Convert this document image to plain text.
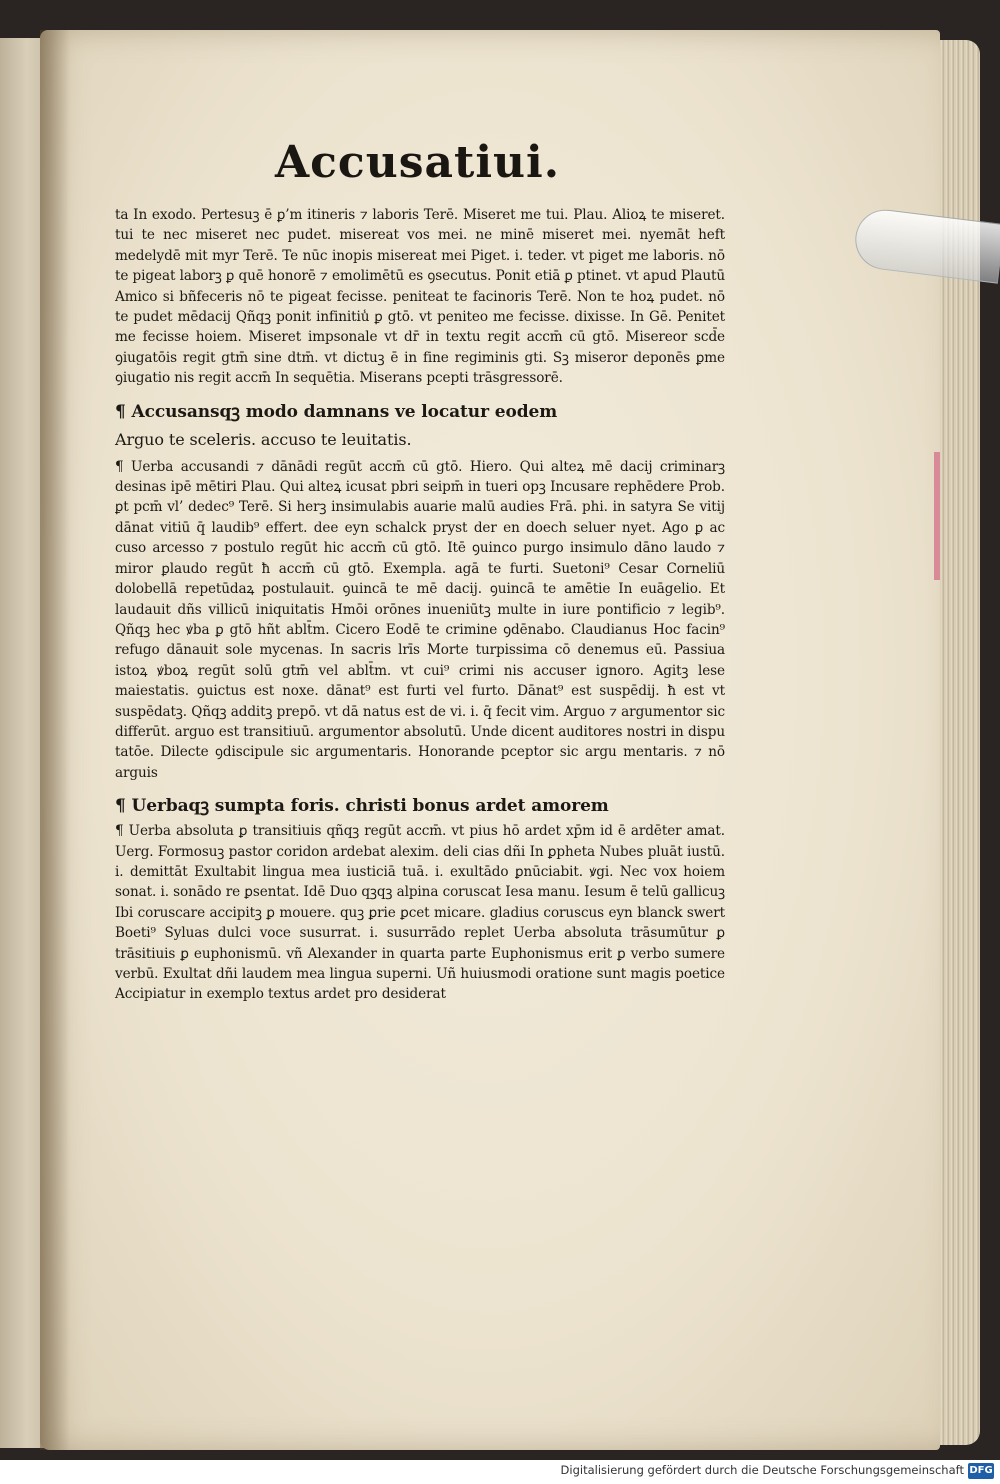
Accusatiui.

ta In exodo. Pertesuꝫ ē ꝑ’m itineris ⁊ laboris Terē. Miseret me tui. Plau. Alioꝝ te miseret. tui te nec miseret nec pudet. misereat vos mei. ne minē miseret mei. nyemāt heft medelydē mit myr Terē. Te nūc inopis misereat mei Piget. i. teder. vt piget me laboris. nō te pigeat laborꝫ ꝑ quē honorē ⁊ emolimētū es ꝯsecutus. Ponit etiā ꝑ ptinet. vt apud Plautū Amico si bñfeceris nō te pigeat fecisse. peniteat te facinoris Terē. Non te hoꝝ pudet. nō te pudet mēdacij Qñqꝫ ponit infinitiu̾ ꝑ gtō. vt peniteo me fecisse. dixisse. In Gē. Penitet me fecisse hoiem. Miseret impsonale vt dr̄ in textu regit accm̄ cū gtō. Misereor scd̄e ꝯiugatōis regit gtm̄ sine dtm̄. vt dictuꝫ ē in fine regiminis gti. Sꝫ miseror deponēs ꝑme ꝯiugatio nis regit accm̄ In sequētia. Miserans pcepti trāsgressorē.

¶ Accusansqꝫ modo damnans ve locatur eodem
Arguo te sceleris. accuso te leuitatis.

¶ Uerba accusandi ⁊ dānādi regūt accm̄ cū gtō. Hiero. Qui alteꝝ mē dacij criminarꝫ desinas ipē mētiri Plau. Qui alteꝝ icusat pbri seipm̄ in tueri opꝫ Incusare rephēdere Prob. ꝑt pcm̄ vl’ dedec⁹ Terē. Si herꝫ insimulabis auarie malū audies Frā. phi. in satyra Se vitij dānat vitiū q̄ laudib⁹ effert. dee eyn schalck pryst der en doech seluer nyet. Ago ꝑ ac cuso arcesso ⁊ postulo regūt hic accm̄ cū gtō. Itē ꝯuinco purgo insimulo dāno laudo ⁊ miror ꝑlaudo regūt ħ accm̄ cū gtō. Exempla. agā te furti. Suetoni⁹ Cesar Corneliū dolobellā repetūdaꝝ postulauit. ꝯuincā te mē dacij. ꝯuincā te amētie In euāgelio. Et laudauit dñs villicū iniquitatis Hmōi orōnes inueniūtꝫ multe in iure pontificio ⁊ legib⁹. Qñqꝫ hec ꝟba ꝑ gtō hñt ablt̄m. Cicero Eodē te crimine ꝯdēnabo. Claudianus Hoc facin⁹ refugo dānauit sole mycenas. In sacris lrīs Morte turpissima cō denemus eū. Passiua istoꝝ ꝟboꝝ regūt solū gtm̄ vel ablt̄m. vt cui⁹ crimi nis accuser ignoro. Agitꝫ lese maiestatis. ꝯuictus est noxe. dānat⁹ est furti vel furto. Dānat⁹ est suspēdij. ħ est vt suspēdatꝫ. Qñqꝫ additꝫ prepō. vt dā natus est de vi. i. q̄ fecit vim. Arguo ⁊ argumentor sic differūt. arguo est transitiuū. argumentor absolutū. Unde dicent auditores nostri in dispu tatōe. Dilecte ꝯdiscipule sic argumentaris. Honorande pceptor sic argu mentaris. ⁊ nō arguis

¶ Uerbaqꝫ sumpta foris. christi bonus ardet amorem

¶ Uerba absoluta ꝑ transitiuis qñqꝫ regūt accm̄. vt pius hō ardet xp̄m id ē ardēter amat. Uerg. Formosuꝫ pastor coridon ardebat alexim. deli cias dñi In ꝑpheta Nubes pluāt iustū. i. demittāt Exultabit lingua mea iusticiā tuā. i. exultādo ꝑnūciabit. ꝟgi. Nec vox hoiem sonat. i. sonādo re ꝑsentat. Idē Duo qꝫqꝫ alpina coruscat Iesa manu. Iesum ē telū gallicuꝫ Ibi coruscare accipitꝫ ꝑ mouere. quꝫ ꝑrie ꝑcet micare. gladius coruscus eyn blanck swert Boeti⁹ Syluas dulci voce susurrat. i. susurrādo replet Uerba absoluta trāsumūtur ꝑ trāsitiuis ꝑ euphonismū. vñ Alexander in quarta parte Euphonismus erit ꝑ verbo sumere verbū. Exultat dñi laudem mea lingua superni. Uñ huiusmodi oratione sunt magis poetice Accipiatur in exemplo textus ardet pro desiderat

Digitalisierung gefördert durch die Deutsche Forschungsgemeinschaft DFG
